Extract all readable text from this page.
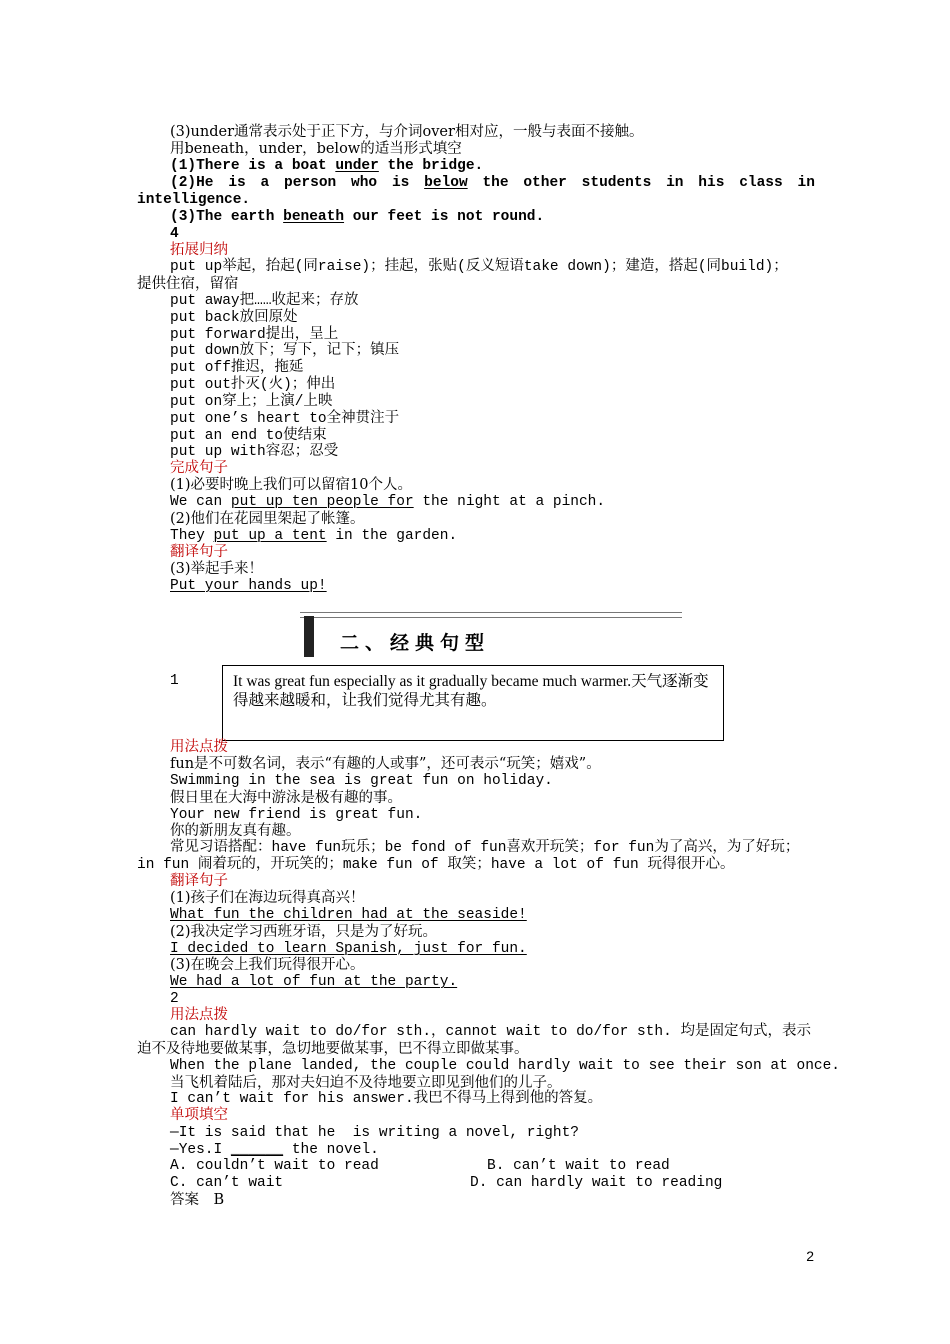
(3)under通常表示处于正下方，与介词over相对应，一般与表面不接触。
用beneath，under，below的适当形式填空
(1)There is a boat under the bridge.
(2)He is a person who is below the other students in his class in
intelligence.
(3)The earth beneath our feet is not round.
4
拓展归纳
put up举起，抬起(同raise)；挂起，张贴(反义短语take down)；建造，搭起(同build)；
提供住宿，留宿
put away把……收起来；存放
put back放回原处
put forward提出，呈上
put down放下；写下，记下；镇压
put off推迟，拖延
put out扑灭(火)；伸出
put on穿上；上演/上映
put one’s heart to全神贯注于
put an end to使结束
put up with容忍；忍受
完成句子
(1)必要时晚上我们可以留宿10个人。
We can put up ten people for the night at a pinch.
(2)他们在花园里架起了帐篷。
They put up a tent in the garden.
翻译句子
(3)举起手来！
Put your hands up!
二、经典句型
1	It was great fun especially as it gradually became much warmer.天气逐渐变得越来越暖和，让我们觉得尤其有趣。
用法点拨
fun是不可数名词，表示“有趣的人或事”，还可表示“玩笑；嬉戏”。
Swimming in the sea is great fun on holiday.
假日里在大海中游泳是极有趣的事。
Your new friend is great fun.
你的新朋友真有趣。
常见习语搭配：have fun玩乐；be fond of fun喜欢开玩笑；for fun为了高兴，为了好玩；
in fun 闹着玩的，开玩笑的；make fun of 取笑；have a lot of fun 玩得很开心。
翻译句子
(1)孩子们在海边玩得真高兴！
What fun the children had at the seaside!
(2)我决定学习西班牙语，只是为了好玩。
I decided to learn Spanish, just for fun.
(3)在晚会上我们玩得很开心。
We had a lot of fun at the party.
2
用法点拨
can hardly wait to do/for sth.，cannot wait to do/for sth. 均是固定句式，表示
迫不及待地要做某事，急切地要做某事，巴不得立即做某事。
When the plane landed, the couple could hardly wait to see their son at once.
当飞机着陆后，那对夫妇迫不及待地要立即见到他们的儿子。
I can’t wait for his answer.我巴不得马上得到他的答复。
单项填空
—It is said that he  is writing a novel, right?
—Yes.I ______ the novel.
A. couldn’t wait to read	B. can’t wait to read
C. can’t wait	D. can hardly wait to reading
答案　B
2
